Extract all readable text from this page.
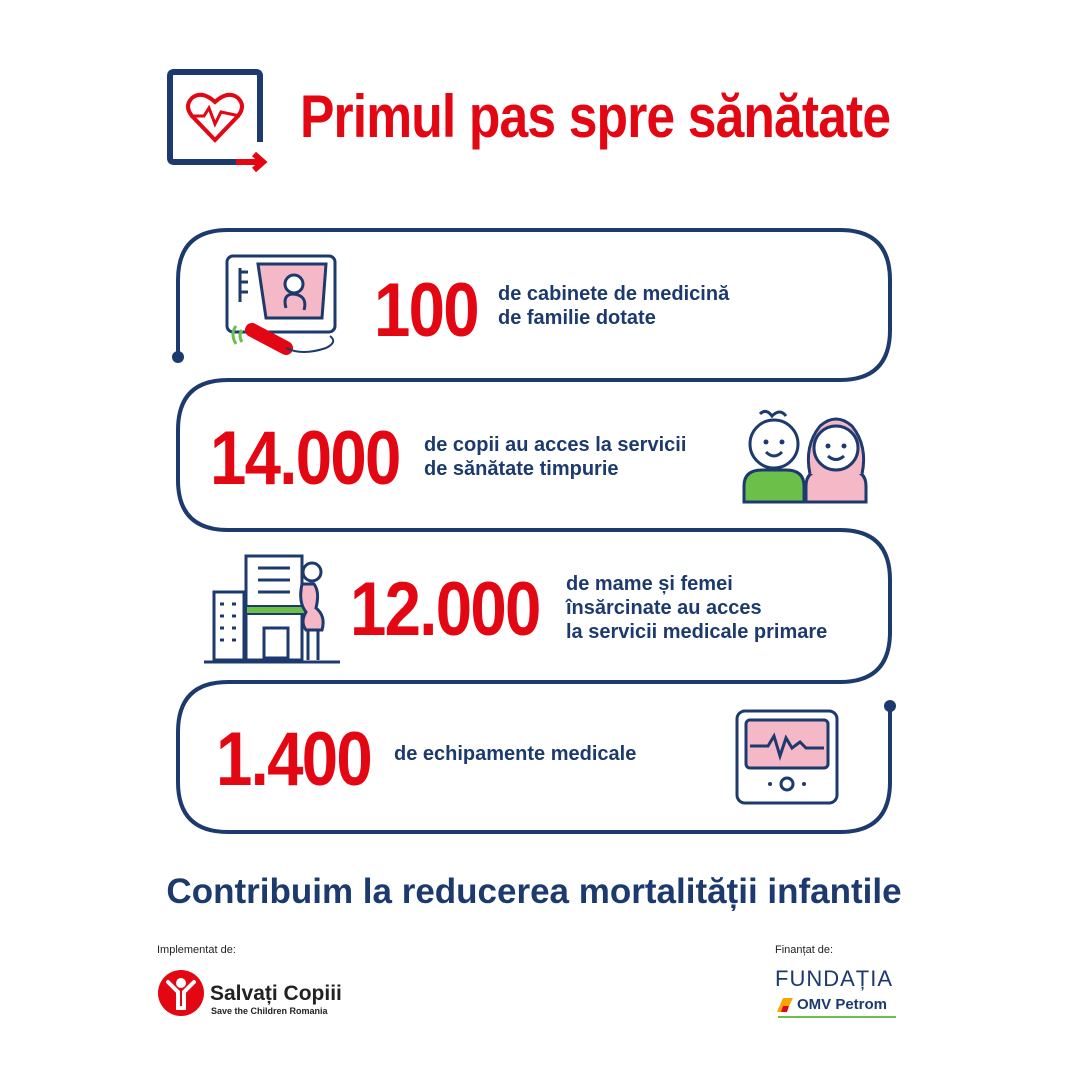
Primul pas spre sănătate
100 de cabinete de medicină
de familie dotate
14.000 de copii au acces la servicii
de sănătate timpurie
12.000 de mame și femei
însărcinate au acces
la servicii medicale primare
1.400 de echipamente medicale
Contribuim la reducerea mortalității infantile
Implementat de:
Salvați Copiii
Save the Children Romania
Finanțat de:
FUNDAȚIA
OMV Petrom
